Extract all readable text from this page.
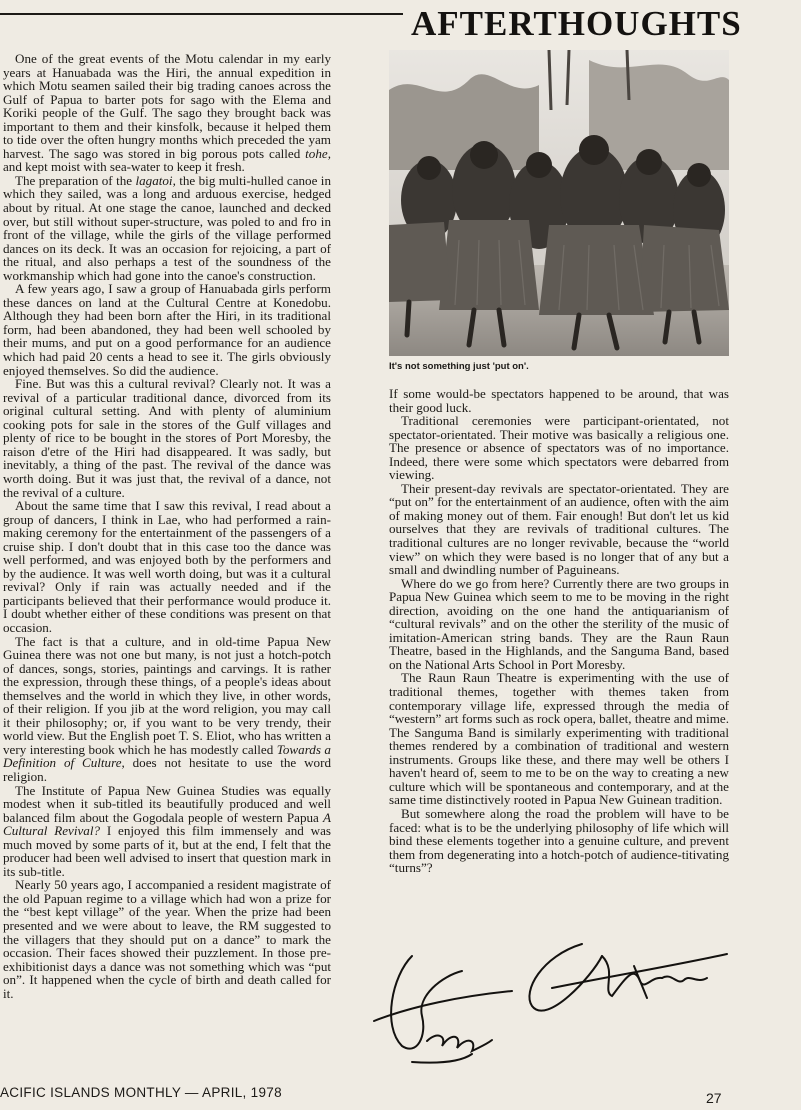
AFTERTHOUGHTS

One of the great events of the Motu calendar in my early years at Hanuabada was the Hiri, the annual expedition in which Motu seamen sailed their big trading canoes across the Gulf of Papua to barter pots for sago with the Elema and Koriki people of the Gulf. The sago they brought back was important to them and their kinsfolk, because it helped them to tide over the often hungry months which preceded the yam harvest. The sago was stored in big porous pots called tohe, and kept moist with sea-water to keep it fresh.

The preparation of the lagatoi, the big multi-hulled canoe in which they sailed, was a long and arduous exercise, hedged about by ritual. At one stage the canoe, launched and decked over, but still without super-structure, was poled to and fro in front of the village, while the girls of the village performed dances on its deck. It was an occasion for rejoicing, a part of the ritual, and also perhaps a test of the soundness of the workmanship which had gone into the canoe's construction.

A few years ago, I saw a group of Hanuabada girls perform these dances on land at the Cultural Centre at Konedobu. Although they had been born after the Hiri, in its traditional form, had been abandoned, they had been well schooled by their mums, and put on a good performance for an audience which had paid 20 cents a head to see it. The girls obviously enjoyed themselves. So did the audience.

Fine. But was this a cultural revival? Clearly not. It was a revival of a particular traditional dance, divorced from its original cultural setting. And with plenty of aluminium cooking pots for sale in the stores of the Gulf villages and plenty of rice to be bought in the stores of Port Moresby, the raison d'etre of the Hiri had disappeared. It was sadly, but inevitably, a thing of the past. The revival of the dance was worth doing. But it was just that, the revival of a dance, not the revival of a culture.

About the same time that I saw this revival, I read about a group of dancers, I think in Lae, who had performed a rain-making ceremony for the entertainment of the passengers of a cruise ship. I don't doubt that in this case too the dance was well performed, and was enjoyed both by the performers and by the audience. It was well worth doing, but was it a cultural revival? Only if rain was actually needed and if the participants believed that their performance would produce it. I doubt whether either of these conditions was present on that occasion.

The fact is that a culture, and in old-time Papua New Guinea there was not one but many, is not just a hotch-potch of dances, songs, stories, paintings and carvings. It is rather the expression, through these things, of a people's ideas about themselves and the world in which they live, in other words, of their religion. If you jib at the word religion, you may call it their philosophy; or, if you want to be very trendy, their world view. But the English poet T. S. Eliot, who has written a very interesting book which he has modestly called Towards a Definition of Culture, does not hesitate to use the word religion.

The Institute of Papua New Guinea Studies was equally modest when it sub-titled its beautifully produced and well balanced film about the Gogodala people of western Papua A Cultural Revival? I enjoyed this film immensely and was much moved by some parts of it, but at the end, I felt that the producer had been well advised to insert that question mark in its sub-title.

Nearly 50 years ago, I accompanied a resident magistrate of the old Papuan regime to a village which had won a prize for the “best kept village” of the year. When the prize had been presented and we were about to leave, the RM suggested to the villagers that they should put on a dance” to mark the occasion. Their faces showed their puzzlement. In those pre-exhibitionist days a dance was not something which was “put on”. It happened when the cycle of birth and death called for it.

It's not something just 'put on'.

If some would-be spectators happened to be around, that was their good luck.

Traditional ceremonies were participant-orientated, not spectator-orientated. Their motive was basically a religious one. The presence or absence of spectators was of no importance. Indeed, there were some which spectators were debarred from viewing.

Their present-day revivals are spectator-orientated. They are “put on” for the entertainment of an audience, often with the aim of making money out of them. Fair enough! But don't let us kid ourselves that they are revivals of traditional cultures. The traditional cultures are no longer revivable, because the “world view” on which they were based is no longer that of any but a small and dwindling number of Paguineans.

Where do we go from here? Currently there are two groups in Papua New Guinea which seem to me to be moving in the right direction, avoiding on the one hand the antiquarianism of “cultural revivals” and on the other the sterility of the music of imitation-American string bands. They are the Raun Raun Theatre, based in the Highlands, and the Sanguma Band, based on the National Arts School in Port Moresby.

The Raun Raun Theatre is experimenting with the use of traditional themes, together with themes taken from contemporary village life, expressed through the media of “western” art forms such as rock opera, ballet, theatre and mime. The Sanguma Band is similarly experimenting with traditional themes rendered by a combination of traditional and western instruments. Groups like these, and there may well be others I haven't heard of, seem to me to be on the way to creating a new culture which will be spontaneous and contemporary, and at the same time distinctively rooted in Papua New Guinean tradition.

But somewhere along the road the problem will have to be faced: what is to be the underlying philosophy of life which will bind these elements together into a genuine culture, and prevent them from degenerating into a hotch-potch of audience-titivating “turns”?

ACIFIC ISLANDS MONTHLY — APRIL, 1978	27
